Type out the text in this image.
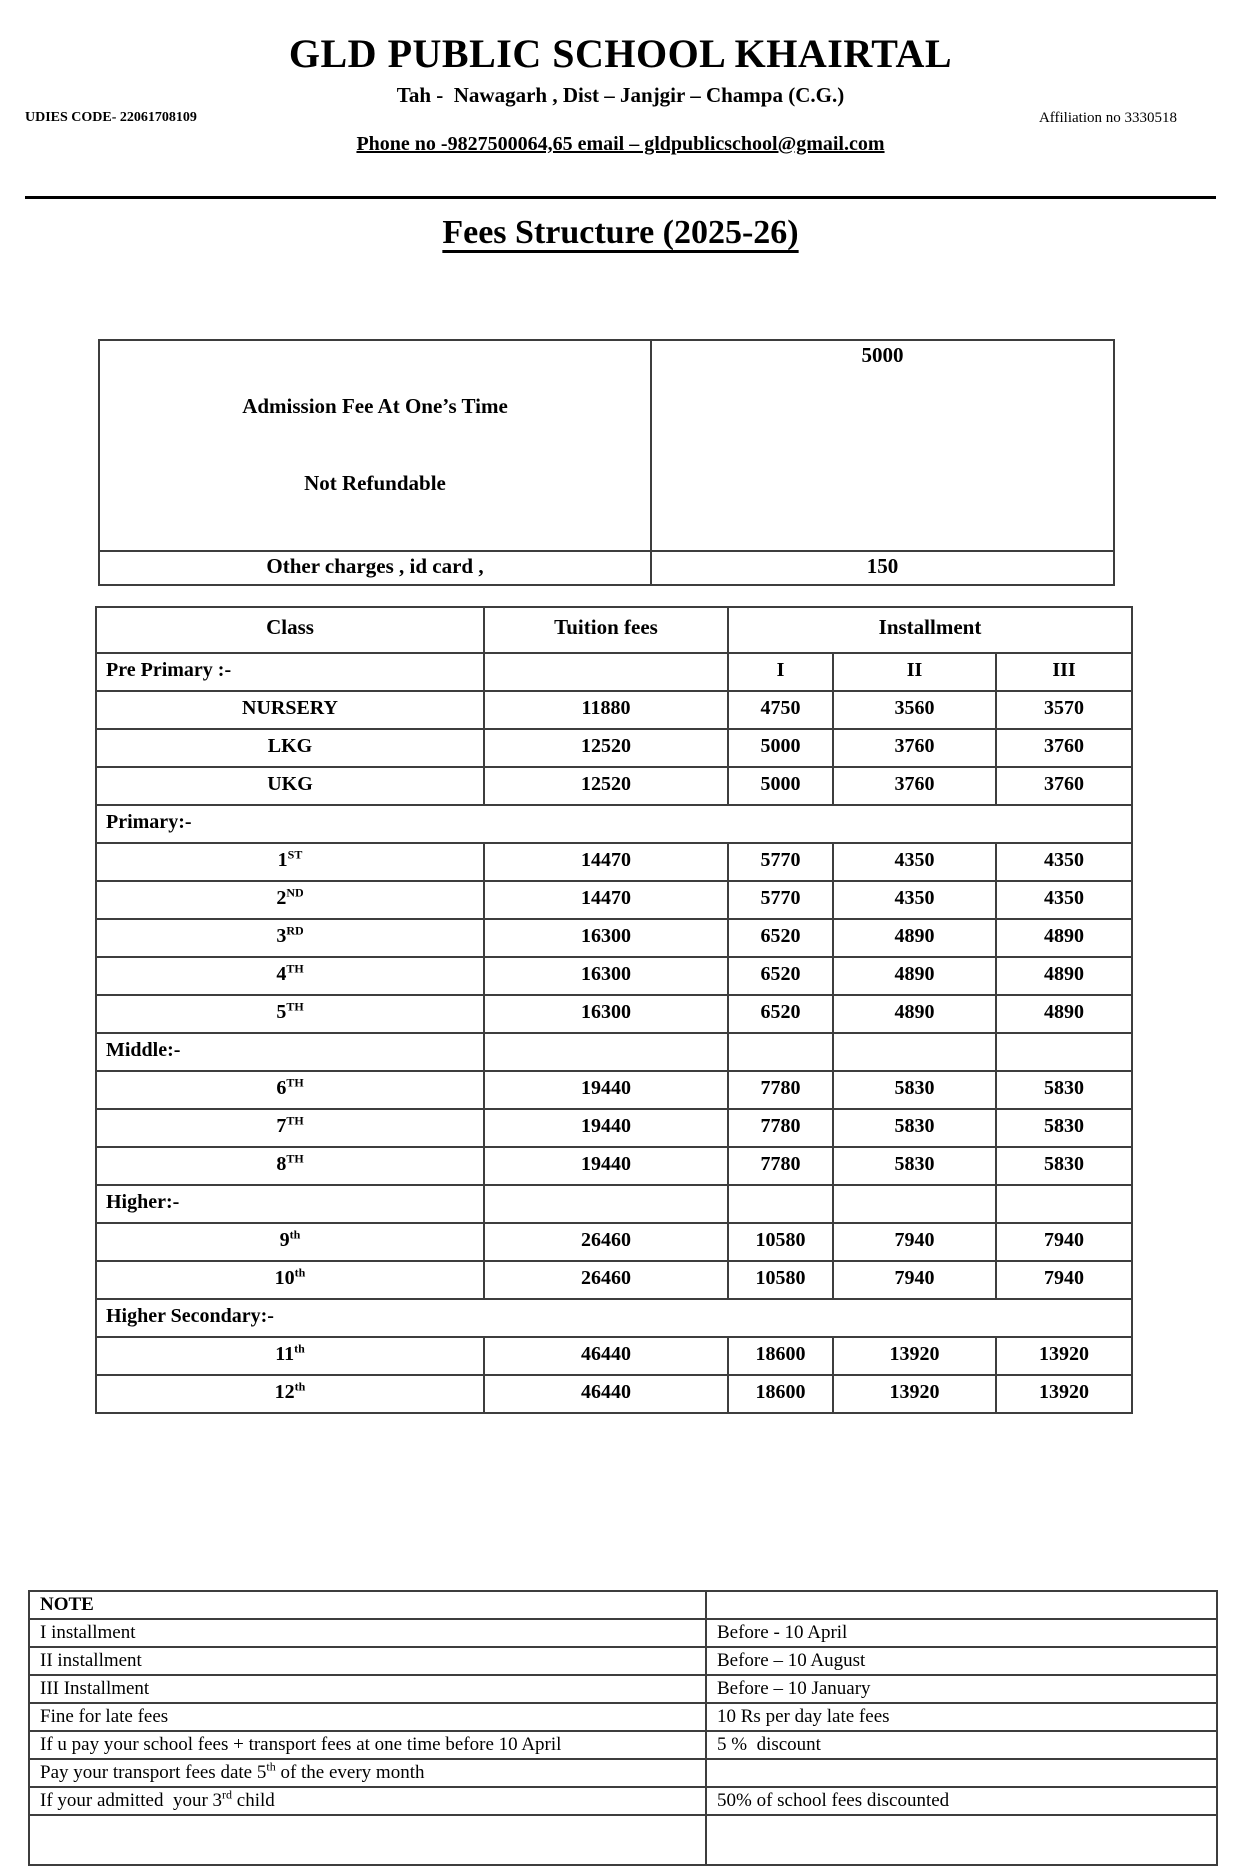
GLD PUBLIC SCHOOL KHAIRTAL
Tah -  Nawagarh , Dist – Janjgir – Champa (C.G.)
UDIES CODE- 22061708109	Affiliation no 3330518
Phone no -9827500064,65 email – gldpublicschool@gmail.com
Fees Structure (2025-26)

Admission Fee At One’s Time

Not Refundable	5000
Other charges , id card ,	150
Class	Tuition fees	Installment		
Pre Primary :-		I	II	III
NURSERY	11880	4750	3560	3570
LKG	12520	5000	3760	3760
UKG	12520	5000	3760	3760
Primary:-				
1ST	14470	5770	4350	4350
2ND	14470	5770	4350	4350
3RD	16300	6520	4890	4890
4TH	16300	6520	4890	4890
5TH	16300	6520	4890	4890
Middle:-				
6TH	19440	7780	5830	5830
7TH	19440	7780	5830	5830
8TH	19440	7780	5830	5830
Higher:-				
9th	26460	10580	7940	7940
10th	26460	10580	7940	7940
Higher Secondary:-				
11th	46440	18600	13920	13920
12th	46440	18600	13920	13920
NOTE	
I installment	Before - 10 April
II installment	Before – 10 August
III Installment	Before – 10 January
Fine for late fees	10 Rs per day late fees
If u pay your school fees + transport fees at one time before 10 April	5 %  discount
Pay your transport fees date 5th of the every month	
If your admitted  your 3rd child	50% of school fees discounted
